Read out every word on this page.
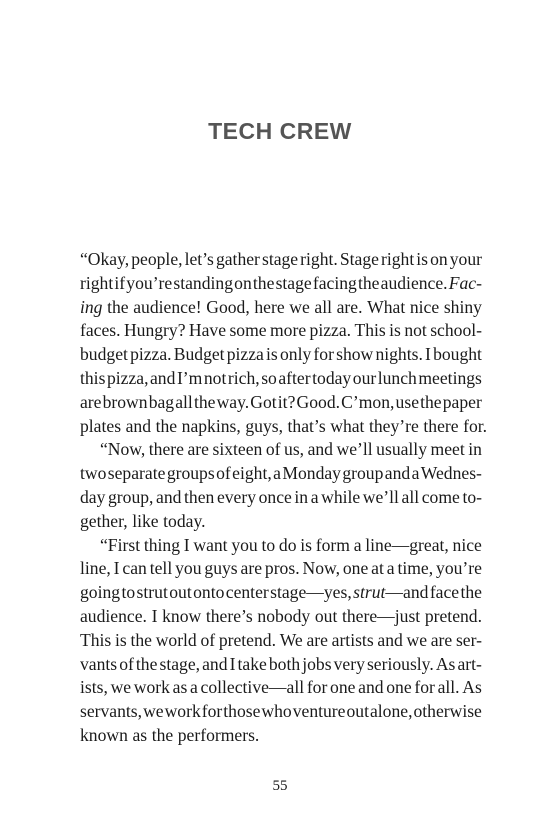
TECH CREW
“Okay, people, let’s gather stage right. Stage right is on your
right if you’re standing on the stage facing the audience. Fac-
ing the audience! Good, here we all are. What nice shiny
faces. Hungry? Have some more pizza. This is not school-
budget pizza. Budget pizza is only for show nights. I bought
this pizza, and I’m not rich, so after today our lunch meetings
are brown bag all the way. Got it? Good. C’mon, use the paper
plates and the napkins, guys, that’s what they’re there for.
“Now, there are sixteen of us, and we’ll usually meet in
two separate groups of eight, a Monday group and a Wednes-
day group, and then every once in a while we’ll all come to-
gether, like today.
“First thing I want you to do is form a line—great, nice
line, I can tell you guys are pros. Now, one at a time, you’re
going to strut out onto center stage—yes, strut—and face the
audience. I know there’s nobody out there—just pretend.
This is the world of pretend. We are artists and we are ser-
vants of the stage, and I take both jobs very seriously. As art-
ists, we work as a collective—all for one and one for all. As
servants, we work for those who venture out alone, otherwise
known as the performers.
55
